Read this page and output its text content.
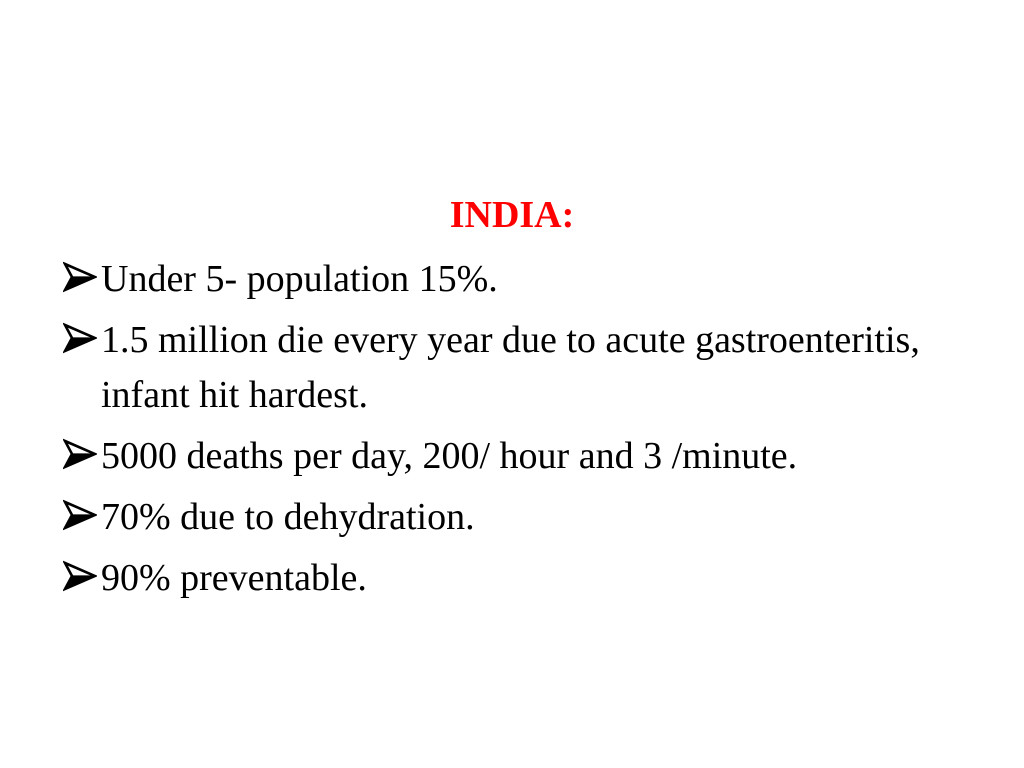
INDIA:
Under 5- population 15%.
1.5 million die every year due to acute gastroenteritis, infant hit hardest.
5000 deaths per day, 200/ hour and 3 /minute.
70% due to dehydration.
90% preventable.
